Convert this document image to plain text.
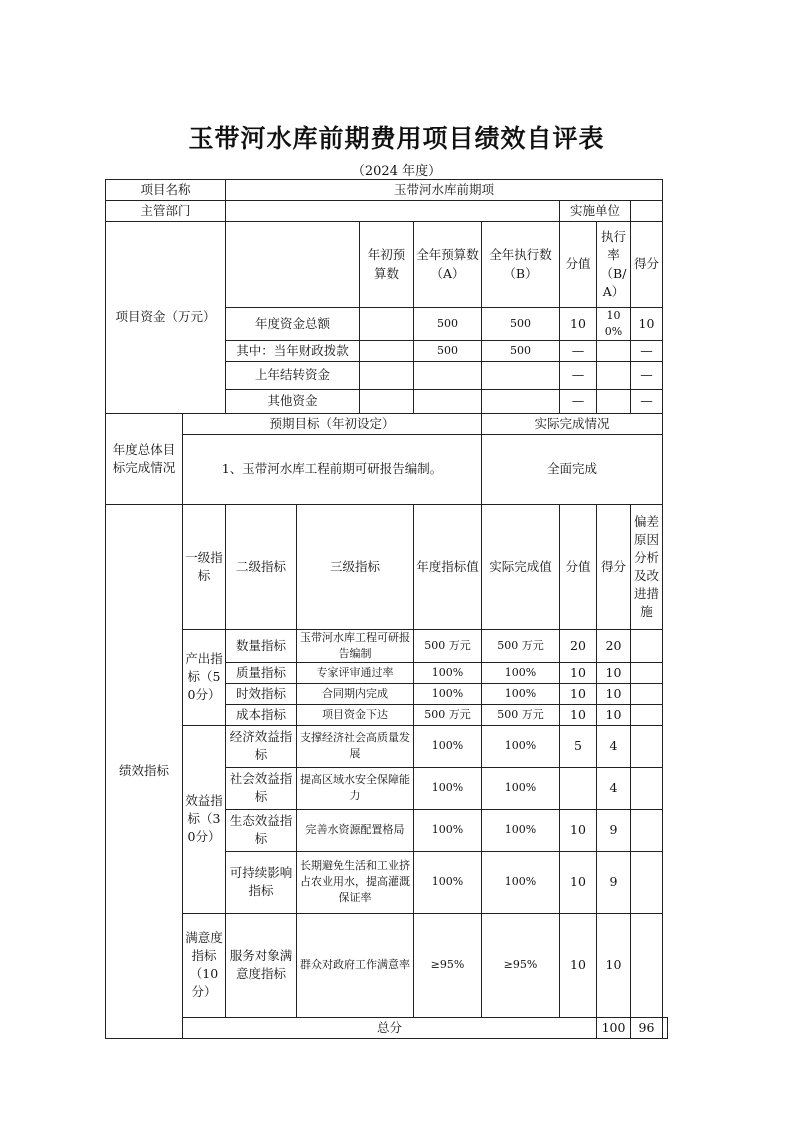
玉带河水库前期费用项目绩效自评表
（2024 年度）
项目名称		玉带河水库前期项								
主管部门							实施单位			
项目资金（万元）				年初预算数	全年预算数（A）	全年执行数（B）	分值	执行率（B/A）	得分	
		年度资金总额			500	500	10	100%	10	
		其中：当年财政拨款			500	500	—		—	
		上年结转资金					—		—	
		其他资金					—		—	
年度总体目标完成情况	预期目标（年初设定）					实际完成情况				
	1、玉带河水库工程前期可研报告编制。					全面完成				
绩效指标	一级指标	二级指标	三级指标		年度指标值	实际完成值	分值	得分	偏差原因分析及改进措施	
	产出指标（50分）	数量指标	玉带河水库工程可研报告编制		500 万元	500 万元	20	20		
		质量指标	专家评审通过率		100%	100%	10	10		
		时效指标	合同期内完成		100%	100%	10	10		
		成本指标	项目资金下达		500 万元	500 万元	10	10		
	效益指标（30分）	经济效益指标	支撑经济社会高质量发展		100%	100%	5	4		
		社会效益指标	提高区域水安全保障能力		100%	100%		4		
		生态效益指标	完善水资源配置格局		100%	100%	10	9		
		可持续影响指标	长期避免生活和工业挤占农业用水，提高灌溉保证率		100%	100%	10	9		
	满意度指标（10分）	服务对象满意度指标	群众对政府工作满意率		≥95%	≥95%	10	10		
	总分							100	96	
